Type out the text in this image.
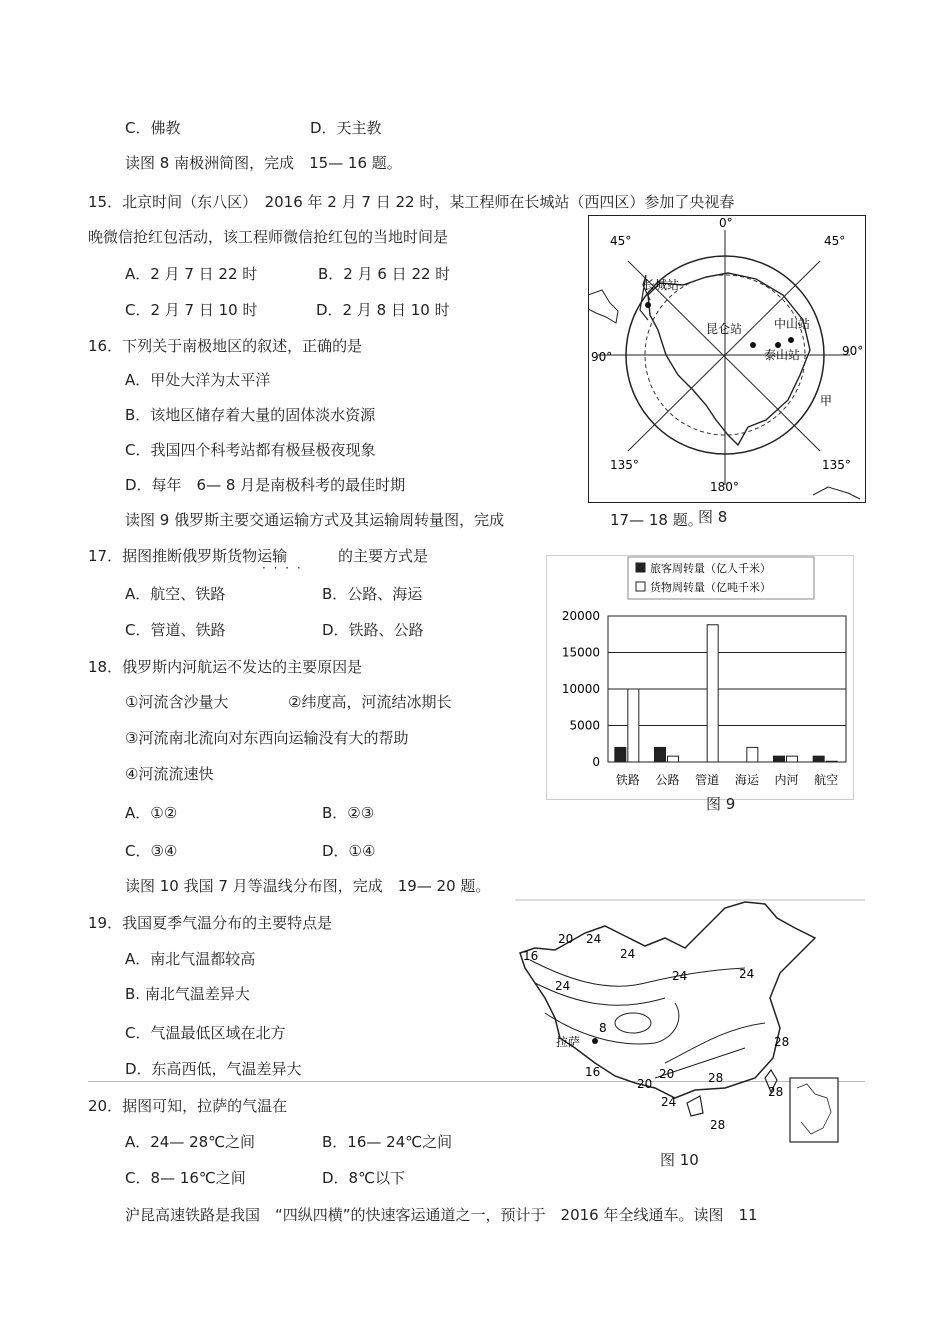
C．佛教	D．天主教
读图 8 南极洲简图，完成　15— 16 题。
15．北京时间（东八区）　2016 年 2 月 7 日 22 时，某工程师在长城站（西四区）参加了央视春
晚微信抢红包活动，该工程师微信抢红包的当地时间是
A．2 月 7 日 22 时	B．2 月 6 日 22 时
C．2 月 7 日 10 时	D．2 月 8 日 10 时
16．下列关于南极地区的叙述，正确的是
A．甲处大洋为太平洋
B．该地区储存着大量的固体淡水资源
C．我国四个科考站都有极昼极夜现象
D．每年　6— 8 月是南极科考的最佳时期
读图 9 俄罗斯主要交通运输方式及其运输周转量图，完成	17— 18 题。
17．据图推断俄罗斯货物运输
· · · ·
的主要方式是
A．航空、铁路	B．公路、海运
C．管道、铁路	D．铁路、公路
18．俄罗斯内河航运不发达的主要原因是
①河流含沙量大	②纬度高，河流结冰期长
③河流南北流向对东西向运输没有大的帮助
④河流流速快
A．①②	B．②③
C．③④	D．①④
读图 10 我国 7 月等温线分布图，完成　19— 20 题。
19．我国夏季气温分布的主要特点是
A．南北气温都较高
B. 南北气温差异大
C．气温最低区域在北方
D．东高西低，气温差异大
20．据图可知，拉萨的气温在
A．24— 28℃之间	B．16— 24℃之间
C．8— 16℃之间	D．8℃以下
沪昆高速铁路是我国　“四纵四横”的快速客运通道之一，预计于　2016 年全线通车。读图　11
0°
45°	45°
90°	90°
135°	135°
180°
长城站
昆仑站	中山站
泰山站
甲
图 8
旅客周转量（亿人千米）
货物周转量（亿吨千米）
0
5000
10000
15000
20000
铁路 公路 管道 海运 内河 航空
图 9
20 24
16	24
24	24
24
8
拉萨
16
20
20	28
28
24
28
28
图 10
